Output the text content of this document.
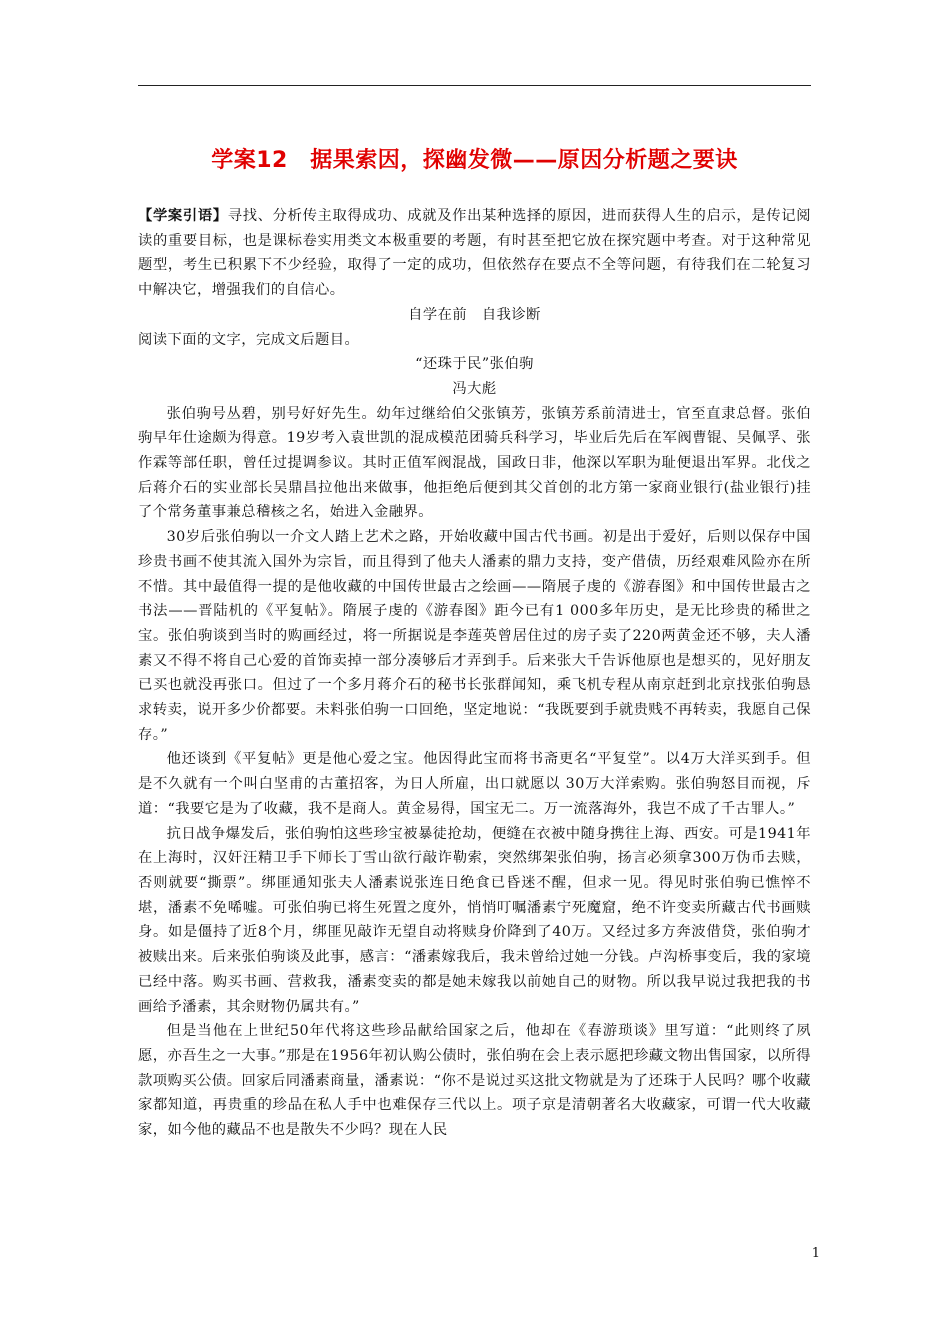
学案12　据果索因，探幽发微——原因分析题之要诀

【学案引语】寻找、分析传主取得成功、成就及作出某种选择的原因，进而获得人生的启示，是传记阅读的重要目标，也是课标卷实用类文本极重要的考题，有时甚至把它放在探究题中考查。对于这种常见题型，考生已积累下不少经验，取得了一定的成功，但依然存在要点不全等问题，有待我们在二轮复习中解决它，增强我们的自信心。

自学在前　自我诊断

阅读下面的文字，完成文后题目。

“还珠于民”张伯驹

冯大彪

张伯驹号丛碧，别号好好先生。幼年过继给伯父张镇芳，张镇芳系前清进士，官至直隶总督。张伯驹早年仕途颇为得意。19岁考入袁世凯的混成模范团骑兵科学习，毕业后先后在军阀曹锟、吴佩孚、张作霖等部任职，曾任过提调参议。其时正值军阀混战，国政日非，他深以军职为耻便退出军界。北伐之后蒋介石的实业部长吴鼎昌拉他出来做事，他拒绝后便到其父首创的北方第一家商业银行(盐业银行)挂了个常务董事兼总稽核之名，始进入金融界。

30岁后张伯驹以一介文人踏上艺术之路，开始收藏中国古代书画。初是出于爱好，后则以保存中国珍贵书画不使其流入国外为宗旨，而且得到了他夫人潘素的鼎力支持，变产借债，历经艰难风险亦在所不惜。其中最值得一提的是他收藏的中国传世最古之绘画——隋展子虔的《游春图》和中国传世最古之书法——晋陆机的《平复帖》。隋展子虔的《游春图》距今已有1 000多年历史，是无比珍贵的稀世之宝。张伯驹谈到当时的购画经过，将一所据说是李莲英曾居住过的房子卖了220两黄金还不够，夫人潘素又不得不将自己心爱的首饰卖掉一部分凑够后才弄到手。后来张大千告诉他原也是想买的，见好朋友已买也就没再张口。但过了一个多月蒋介石的秘书长张群闻知，乘飞机专程从南京赶到北京找张伯驹恳求转卖，说开多少价都要。未料张伯驹一口回绝，坚定地说：“我既要到手就贵贱不再转卖，我愿自己保存。”

他还谈到《平复帖》更是他心爱之宝。他因得此宝而将书斋更名“平复堂”。以4万大洋买到手。但是不久就有一个叫白坚甫的古董招客，为日人所雇，出口就愿以 30万大洋索购。张伯驹怒目而视，斥道：“我要它是为了收藏，我不是商人。黄金易得，国宝无二。万一流落海外，我岂不成了千古罪人。”

抗日战争爆发后，张伯驹怕这些珍宝被暴徒抢劫，便缝在衣被中随身携往上海、西安。可是1941年在上海时，汉奸汪精卫手下师长丁雪山欲行敲诈勒索，突然绑架张伯驹，扬言必须拿300万伪币去赎，否则就要“撕票”。绑匪通知张夫人潘素说张连日绝食已昏迷不醒，但求一见。得见时张伯驹已憔悴不堪，潘素不免唏嘘。可张伯驹已将生死置之度外，悄悄叮嘱潘素宁死魔窟，绝不许变卖所藏古代书画赎身。如是僵持了近8个月，绑匪见敲诈无望自动将赎身价降到了40万。又经过多方奔波借贷，张伯驹才被赎出来。后来张伯驹谈及此事，感言：“潘素嫁我后，我未曾给过她一分钱。卢沟桥事变后，我的家境已经中落。购买书画、营救我，潘素变卖的都是她未嫁我以前她自己的财物。所以我早说过我把我的书画给予潘素，其余财物仍属共有。”

但是当他在上世纪50年代将这些珍品献给国家之后，他却在《春游琐谈》里写道：“此则终了夙愿，亦吾生之一大事。”那是在1956年初认购公债时，张伯驹在会上表示愿把珍藏文物出售国家，以所得款项购买公债。回家后同潘素商量，潘素说：“你不是说过买这批文物就是为了还珠于人民吗？哪个收藏家都知道，再贵重的珍品在私人手中也难保存三代以上。项子京是清朝著名大收藏家，可谓一代大收藏家，如今他的藏品不也是散失不少吗？现在人民

1
